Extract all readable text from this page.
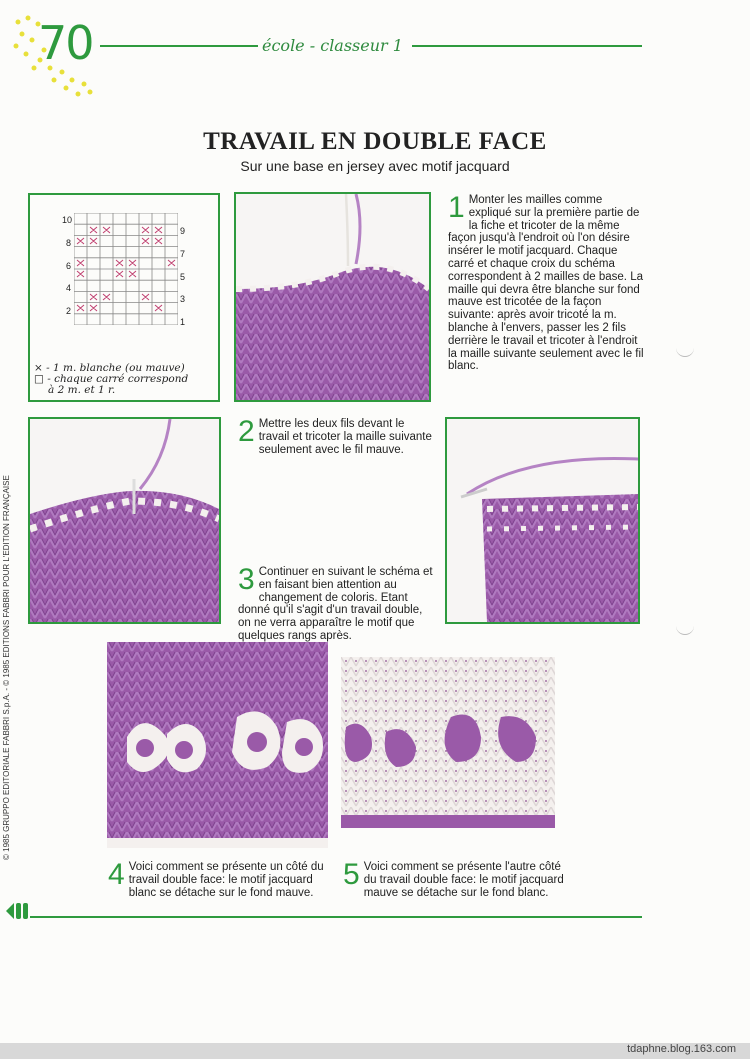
70	école - classeur 1
TRAVAIL EN DOUBLE FACE
Sur une base en jersey avec motif jacquard
10
8
6
4
2
9
7
5
3
1
× - 1 m. blanche (ou mauve)
□ - chaque carré correspond
à 2 m. et 1 r.
1 Monter les mailles comme expliqué sur la première partie de la fiche et tricoter de la même façon jusqu'à l'endroit où l'on désire insérer le motif jacquard. Chaque carré et chaque croix du schéma correspondent à 2 mailles de base. La maille qui devra être blanche sur fond mauve est tricotée de la façon suivante: après avoir tricoté la m. blanche à l'envers, passer les 2 fils derrière le travail et tricoter à l'endroit la maille suivante seulement avec le fil blanc.
2 Mettre les deux fils devant le travail et tricoter la maille suivante seulement avec le fil mauve.
3 Continuer en suivant le schéma et en faisant bien attention au changement de coloris. Etant donné qu'il s'agit d'un travail double, on ne verra apparaître le motif que quelques rangs après.
4 Voici comment se présente un côté du travail double face: le motif jacquard blanc se détache sur le fond mauve.
5 Voici comment se présente l'autre côté du travail double face: le motif jacquard mauve se détache sur le fond blanc.
© 1985 GRUPPO EDITORIALE FABBRI S.p.A. - © 1985 EDITIONS FABBRI POUR L'EDITION FRANÇAISE
tdaphne.blog.163.com
